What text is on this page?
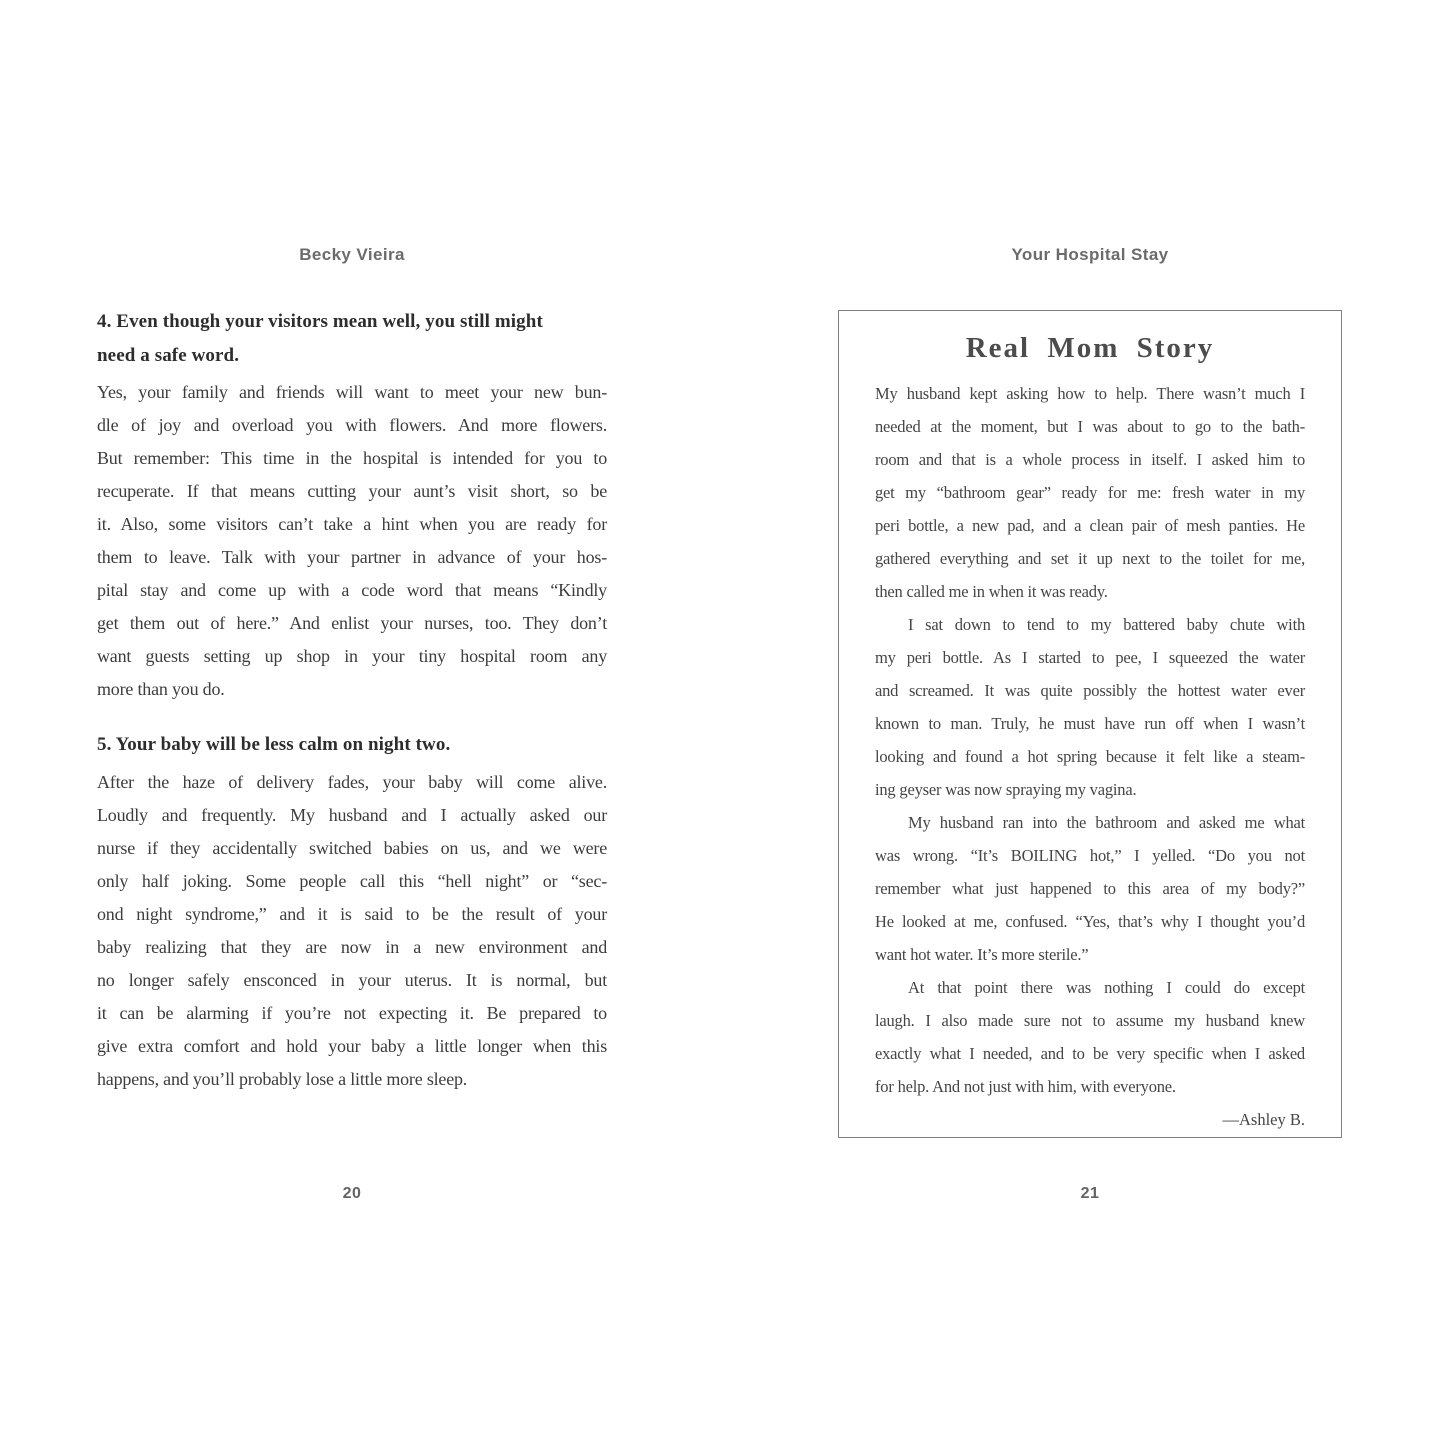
Becky Vieira
4. Even though your visitors mean well, you still might
need a safe word.
Yes, your family and friends will want to meet your new bun-
dle of joy and overload you with flowers. And more flowers.
But remember: This time in the hospital is intended for you to
recuperate. If that means cutting your aunt’s visit short, so be
it. Also, some visitors can’t take a hint when you are ready for
them to leave. Talk with your partner in advance of your hos-
pital stay and come up with a code word that means “Kindly
get them out of here.” And enlist your nurses, too. They don’t
want guests setting up shop in your tiny hospital room any
more than you do.
5. Your baby will be less calm on night two.
After the haze of delivery fades, your baby will come alive.
Loudly and frequently. My husband and I actually asked our
nurse if they accidentally switched babies on us, and we were
only half joking. Some people call this “hell night” or “sec-
ond night syndrome,” and it is said to be the result of your
baby realizing that they are now in a new environment and
no longer safely ensconced in your uterus. It is normal, but
it can be alarming if you’re not expecting it. Be prepared to
give extra comfort and hold your baby a little longer when this
happens, and you’ll probably lose a little more sleep.
20
Your Hospital Stay
Real Mom Story
My husband kept asking how to help. There wasn’t much I
needed at the moment, but I was about to go to the bath-
room and that is a whole process in itself. I asked him to
get my “bathroom gear” ready for me: fresh water in my
peri bottle, a new pad, and a clean pair of mesh panties. He
gathered everything and set it up next to the toilet for me,
then called me in when it was ready.
I sat down to tend to my battered baby chute with
my peri bottle. As I started to pee, I squeezed the water
and screamed. It was quite possibly the hottest water ever
known to man. Truly, he must have run off when I wasn’t
looking and found a hot spring because it felt like a steam-
ing geyser was now spraying my vagina.
My husband ran into the bathroom and asked me what
was wrong. “It’s BOILING hot,” I yelled. “Do you not
remember what just happened to this area of my body?”
He looked at me, confused. “Yes, that’s why I thought you’d
want hot water. It’s more sterile.”
At that point there was nothing I could do except
laugh. I also made sure not to assume my husband knew
exactly what I needed, and to be very specific when I asked
for help. And not just with him, with everyone.
—Ashley B.
21
